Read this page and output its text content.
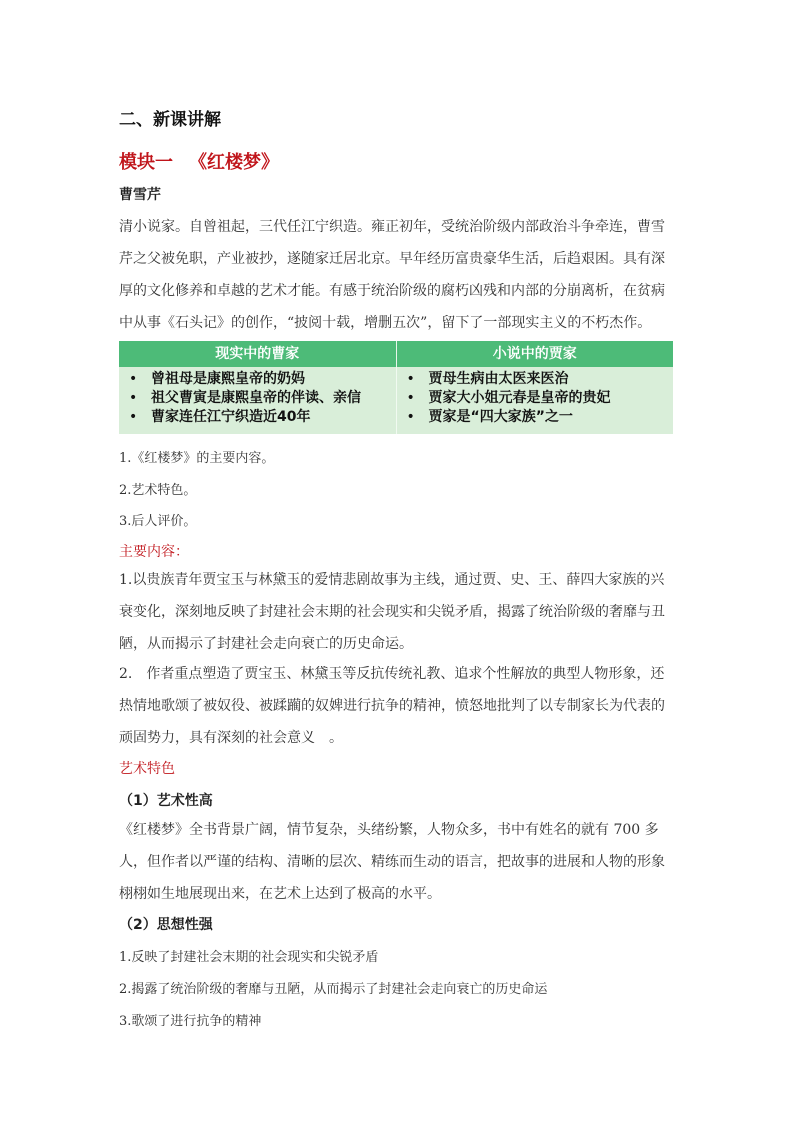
二、新课讲解
模块一 《红楼梦》
曹雪芹
清小说家。自曾祖起，三代任江宁织造。雍正初年，受统治阶级内部政治斗争牵连，曹雪芹之父被免职，产业被抄，遂随家迁居北京。早年经历富贵豪华生活，后趋艰困。具有深厚的文化修养和卓越的艺术才能。有感于统治阶级的腐朽凶残和内部的分崩离析，在贫病中从事《石头记》的创作，“披阅十载，增删五次”，留下了一部现实主义的不朽杰作。
现实中的曹家	小说中的贾家
• 曾祖母是康熙皇帝的奶妈
• 祖父曹寅是康熙皇帝的伴读、亲信
• 曹家连任江宁织造近40年
• 贾母生病由太医来医治
• 贾家大小姐元春是皇帝的贵妃
• 贾家是“四大家族”之一
1.《红楼梦》的主要内容。
2.艺术特色。
3.后人评价。
主要内容：
1.以贵族青年贾宝玉与林黛玉的爱情悲剧故事为主线，通过贾、史、王、薛四大家族的兴衰变化，深刻地反映了封建社会末期的社会现实和尖锐矛盾，揭露了统治阶级的奢靡与丑陋，从而揭示了封建社会走向衰亡的历史命运。
2.　作者重点塑造了贾宝玉、林黛玉等反抗传统礼教、追求个性解放的典型人物形象，还热情地歌颂了被奴役、被蹂躏的奴婢进行抗争的精神，愤怒地批判了以专制家长为代表的顽固势力，具有深刻的社会意义　。
艺术特色
（1）艺术性高
《红楼梦》全书背景广阔，情节复杂，头绪纷繁，人物众多，书中有姓名的就有 700 多人，但作者以严谨的结构、清晰的层次、精练而生动的语言，把故事的进展和人物的形象栩栩如生地展现出来，在艺术上达到了极高的水平。
（2）思想性强
1.反映了封建社会末期的社会现实和尖锐矛盾
2.揭露了统治阶级的奢靡与丑陋，从而揭示了封建社会走向衰亡的历史命运
3.歌颂了进行抗争的精神
